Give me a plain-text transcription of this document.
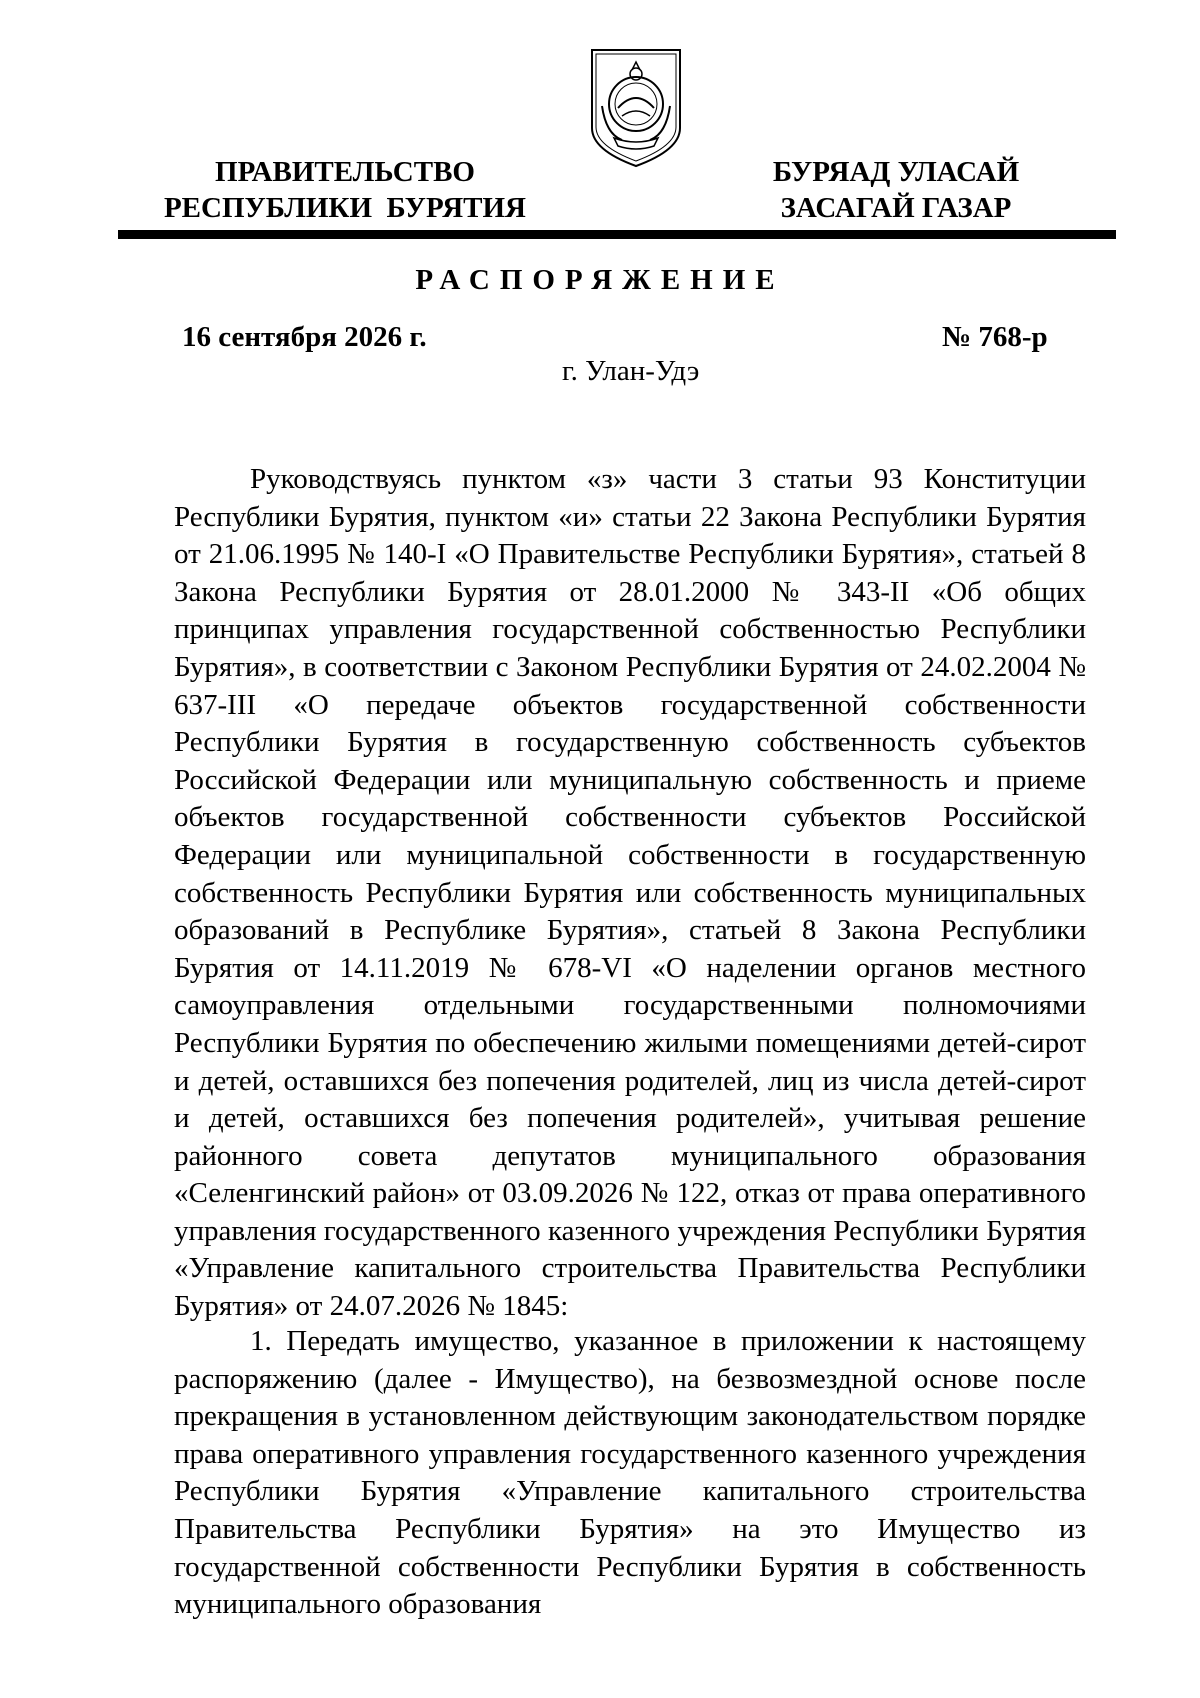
ПРАВИТЕЛЬСТВО
РЕСПУБЛИКИ  БУРЯТИЯ
БУРЯАД УЛАСАЙ
ЗАСАГАЙ ГАЗАР
РАСПОРЯЖЕНИЕ
16 сентября 2026 г.	№ 768-р
г. Улан-Удэ

Руководствуясь пунктом «з» части 3 статьи 93 Конституции Республики Бурятия, пунктом «и» статьи 22 Закона Республики Бурятия от 21.06.1995 № 140-I «О Правительстве Республики Бурятия», статьей 8 Закона Республики Бурятия от 28.01.2000 № 343-II «Об общих принципах управления государственной собственностью Республики Бурятия», в соответствии с Законом Республики Бурятия от 24.02.2004 № 637-III «О передаче объектов государственной собственности Республики Бурятия в государственную собственность субъектов Российской Федерации или муниципальную собственность и приеме объектов государственной собственности субъектов Российской Федерации или муниципальной собственности в государственную собственность Республики Бурятия или собственность муниципальных образований в Республике Бурятия», статьей 8 Закона Республики Бурятия от 14.11.2019 № 678-VI «О наделении органов местного самоуправления отдельными государственными полномочиями Республики Бурятия по обеспечению жилыми помещениями детей-сирот и детей, оставшихся без попечения родителей, лиц из числа детей-сирот и детей, оставшихся без попечения родителей», учитывая решение районного совета депутатов муниципального образования «Селенгинский район» от 03.09.2026 № 122, отказ от права оперативного управления государственного казенного учреждения Республики Бурятия «Управление капитального строительства Правительства Республики Бурятия» от 24.07.2026 № 1845:

1. Передать имущество, указанное в приложении к настоящему распоряжению (далее - Имущество), на безвозмездной основе после прекращения в установленном действующим законодательством порядке права оперативного управления государственного казенного учреждения Республики Бурятия «Управление капитального строительства Правительства Республики Бурятия» на это Имущество из государственной собственности Республики Бурятия в собственность муниципального образования
